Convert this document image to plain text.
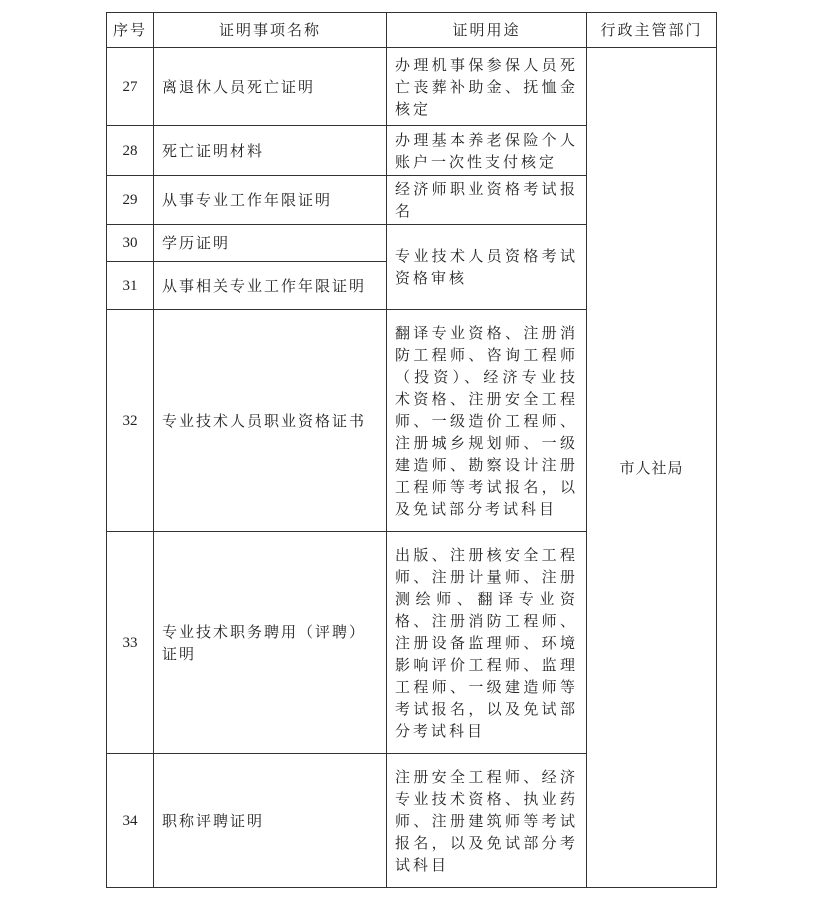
序号	证明事项名称	证明用途	行政主管部门
27	离退休人员死亡证明	办理机事保参保人员死亡丧葬补助金、抚恤金核定	市人社局
28	死亡证明材料	办理基本养老保险个人账户一次性支付核定	
29	从事专业工作年限证明	经济师职业资格考试报名	
30	学历证明	专业技术人员资格考试资格审核	
31	从事相关专业工作年限证明		
32	专业技术人员职业资格证书	翻译专业资格、注册消防工程师、咨询工程师（投资）、经济专业技术资格、注册安全工程师、一级造价工程师、注册城乡规划师、一级建造师、勘察设计注册工程师等考试报名，以及免试部分考试科目	
33	专业技术职务聘用（评聘）证明	出版、注册核安全工程师、注册计量师、注册测绘师、翻译专业资格、注册消防工程师、注册设备监理师、环境影响评价工程师、监理工程师、一级建造师等考试报名，以及免试部分考试科目	
34	职称评聘证明	注册安全工程师、经济专业技术资格、执业药师、注册建筑师等考试报名，以及免试部分考试科目	
